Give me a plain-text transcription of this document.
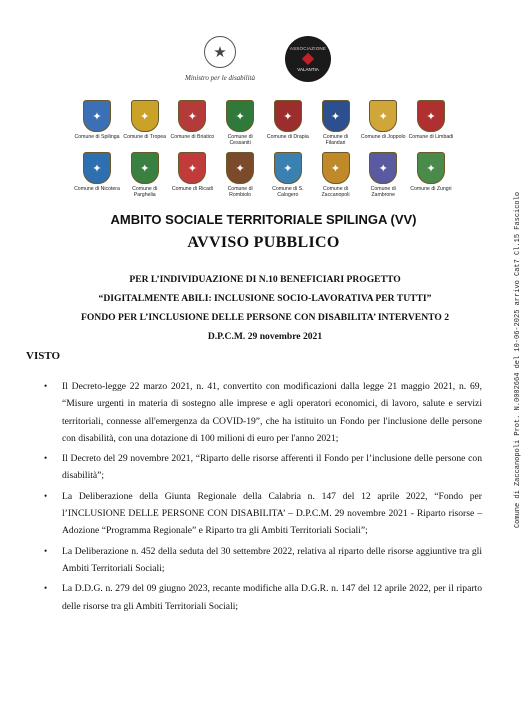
★
Ministro per le disabilità
ASSOCIAZIONE
◆
VALANTIA
✦
Comune di Spilinga
✦
Comune di Tropea
✦
Comune di Briatico
✦
Comune di Cessaniti
✦
Comune di Drapia
✦
Comune di Filandari
✦
Comune di Joppolo
✦
Comune di Limbadi
✦
Comune di Nicotera
✦
Comune di Parghelia
✦
Comune di Ricadi
✦
Comune di Rombiolo
✦
Comune di S. Calogero
✦
Comune di Zaccanopoli
✦
Comune di Zambrone
✦
Comune di Zungri
Comune di Zaccanopoli Prot. N.0002664 del 10-06-2025 arrivo Cat7 Cl.15 Fascicolo
AMBITO SOCIALE TERRITORIALE SPILINGA (VV)
AVVISO PUBBLICO
PER L’INDIVIDUAZIONE DI N.10 BENEFICIARI PROGETTO
“DIGITALMENTE ABILI: INCLUSIONE SOCIO-LAVORATIVA PER TUTTI”
FONDO PER L’INCLUSIONE DELLE PERSONE CON DISABILITA’ INTERVENTO 2
D.P.C.M. 29 novembre 2021
VISTO
• Il Decreto-legge 22 marzo 2021, n. 41, convertito con modificazioni dalla legge 21 maggio 2021, n. 69, “Misure urgenti in materia di sostegno alle imprese e agli operatori economici, di lavoro, salute e servizi territoriali, connesse all'emergenza da COVID-19”, che ha istituito un Fondo per l'inclusione delle persone con disabilità, con una dotazione di 100 milioni di euro per l'anno 2021;
• Il Decreto del 29 novembre 2021, “Riparto delle risorse afferenti il Fondo per l’inclusione delle persone con disabilità”;
• La Deliberazione della Giunta Regionale della Calabria n. 147 del 12 aprile 2022, “Fondo per l’INCLUSIONE DELLE PERSONE CON DISABILITA’ – D.P.C.M. 29 novembre 2021 - Riparto risorse – Adozione “Programma Regionale” e Riparto tra gli Ambiti Territoriali Sociali”;
• La Deliberazione n. 452 della seduta del 30 settembre 2022, relativa al riparto delle risorse aggiuntive tra gli Ambiti Territoriali Sociali;
• La D.D.G. n. 279 del 09 giugno 2023, recante modifiche alla D.G.R. n. 147 del 12 aprile 2022, per il riparto delle risorse tra gli Ambiti Territoriali Sociali;
